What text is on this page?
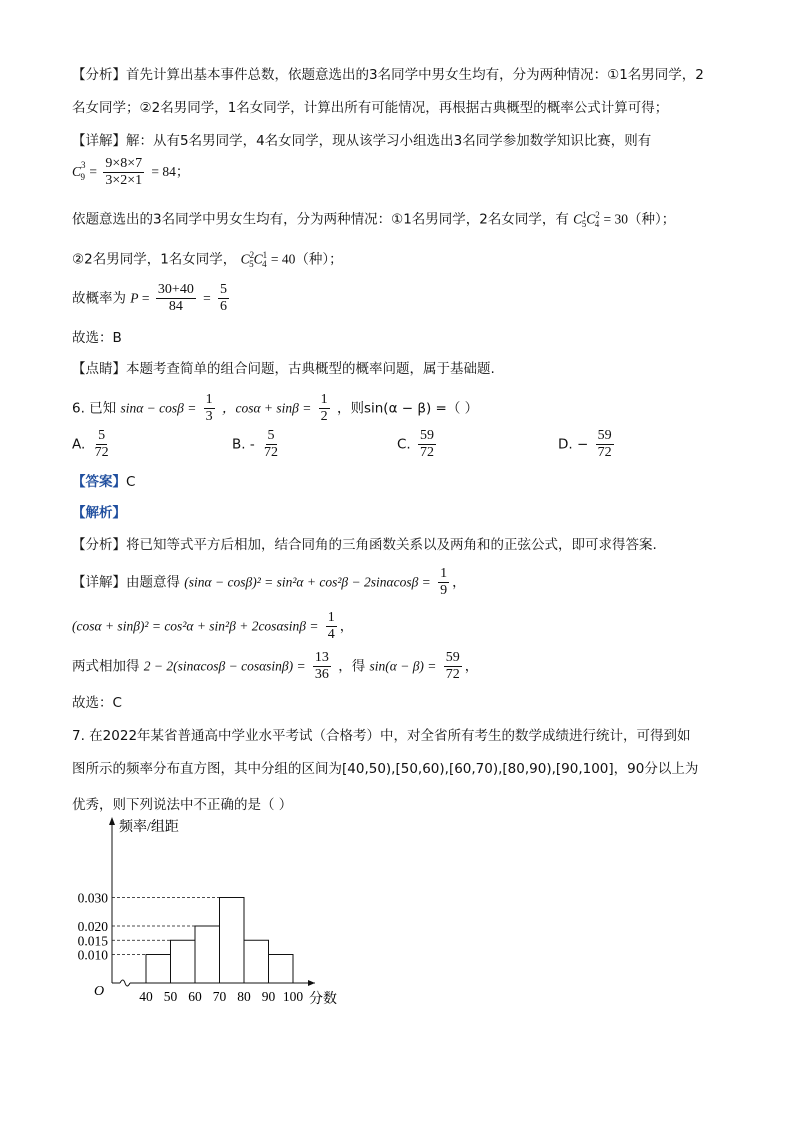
【分析】首先计算出基本事件总数，依题意选出的3名同学中男女生均有，分为两种情况：①1名男同学，2
名女同学；②2名男同学，1名女同学，计算出所有可能情况，再根据古典概型的概率公式计算可得；
【详解】解：从有5名男同学，4名女同学，现从该学习小组选出3名同学参加数学知识比赛，则有
$C^3_9 = \frac{9\times 8\times 7}{3\times 2\times 1} = 84$；
依题意选出的3名同学中男女生均有，分为两种情况：①1名男同学，2名女同学，有 $C^1_5C^2_4 = 30$（种）；
②2名男同学，1名女同学， $C^2_5C^1_4 = 40$（种）；
故概率为 $P = \frac{30+40}{84} = \frac{5}{6}$
故选：B
【点睛】本题考查简单的组合问题，古典概型的概率问题，属于基础题.
6. 已知 $\sin\alpha - \cos\beta = \frac{1}{3}$ ，$\cos\alpha + \sin\beta = \frac{1}{2}$ ，则sin(α − β) =（ ）
A. $\frac{5}{72}$	B. - $\frac{5}{72}$	C. $\frac{59}{72}$	D. − $\frac{59}{72}$
【答案】C
【解析】
【分析】将已知等式平方后相加，结合同角的三角函数关系以及两角和的正弦公式，即可求得答案.
【详解】由题意得 $(\sin\alpha - \cos\beta)^2 = \sin^2\alpha + \cos^2\beta - 2\sin\alpha\cos\beta = \frac{1}{9}$ ，
$(\cos\alpha + \sin\beta)^2 = \cos^2\alpha + \sin^2\beta + 2\cos\alpha\sin\beta = \frac{1}{4}$ ，
两式相加得 $2 - 2(\sin\alpha\cos\beta - \cos\alpha\sin\beta) = \frac{13}{36}$ ，得 $\sin(\alpha - \beta) = \frac{59}{72}$ ，
故选：C
7. 在2022年某省普通高中学业水平考试（合格考）中，对全省所有考生的数学成绩进行统计，可得到如
图所示的频率分布直方图，其中分组的区间为[40,50),[50,60),[60,70),[80,90),[90,100]，90分以上为
优秀，则下列说法中不正确的是（ ）
频率/组距
O
分数
0.010
0.015
0.020
0.030
40 50 60 70 80 90 100
